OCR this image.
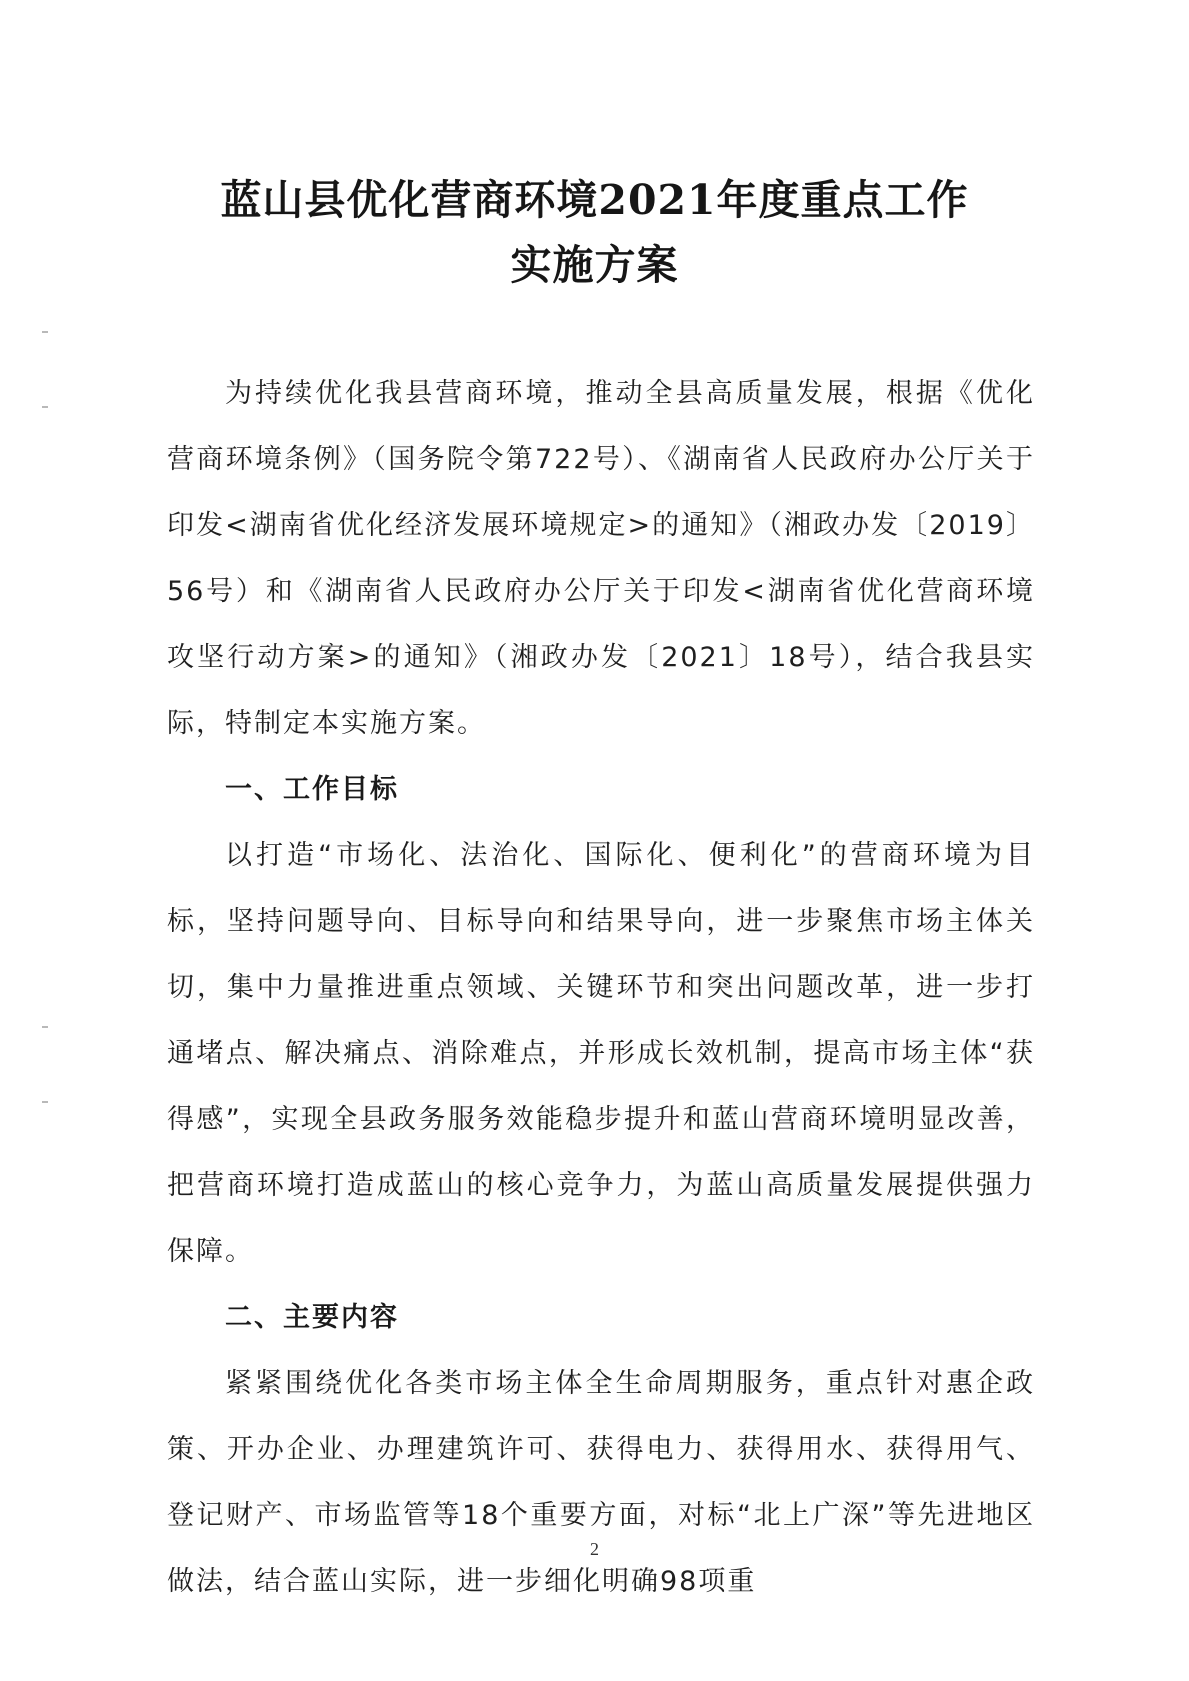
蓝山县优化营商环境2021年度重点工作
实施方案

为持续优化我县营商环境，推动全县高质量发展，根据《优化营商环境条例》（国务院令第722号）、《湖南省人民政府办公厅关于印发<湖南省优化经济发展环境规定>的通知》（湘政办发〔2019〕56号）和《湖南省人民政府办公厅关于印发<湖南省优化营商环境攻坚行动方案>的通知》（湘政办发〔2021〕18号），结合我县实际，特制定本实施方案。

一、工作目标

以打造“市场化、法治化、国际化、便利化”的营商环境为目标，坚持问题导向、目标导向和结果导向，进一步聚焦市场主体关切，集中力量推进重点领域、关键环节和突出问题改革，进一步打通堵点、解决痛点、消除难点，并形成长效机制，提高市场主体“获得感”，实现全县政务服务效能稳步提升和蓝山营商环境明显改善，把营商环境打造成蓝山的核心竞争力，为蓝山高质量发展提供强力保障。

二、主要内容

紧紧围绕优化各类市场主体全生命周期服务，重点针对惠企政策、开办企业、办理建筑许可、获得电力、获得用水、获得用气、登记财产、市场监管等18个重要方面，对标“北上广深”等先进地区做法，结合蓝山实际，进一步细化明确98项重

2
